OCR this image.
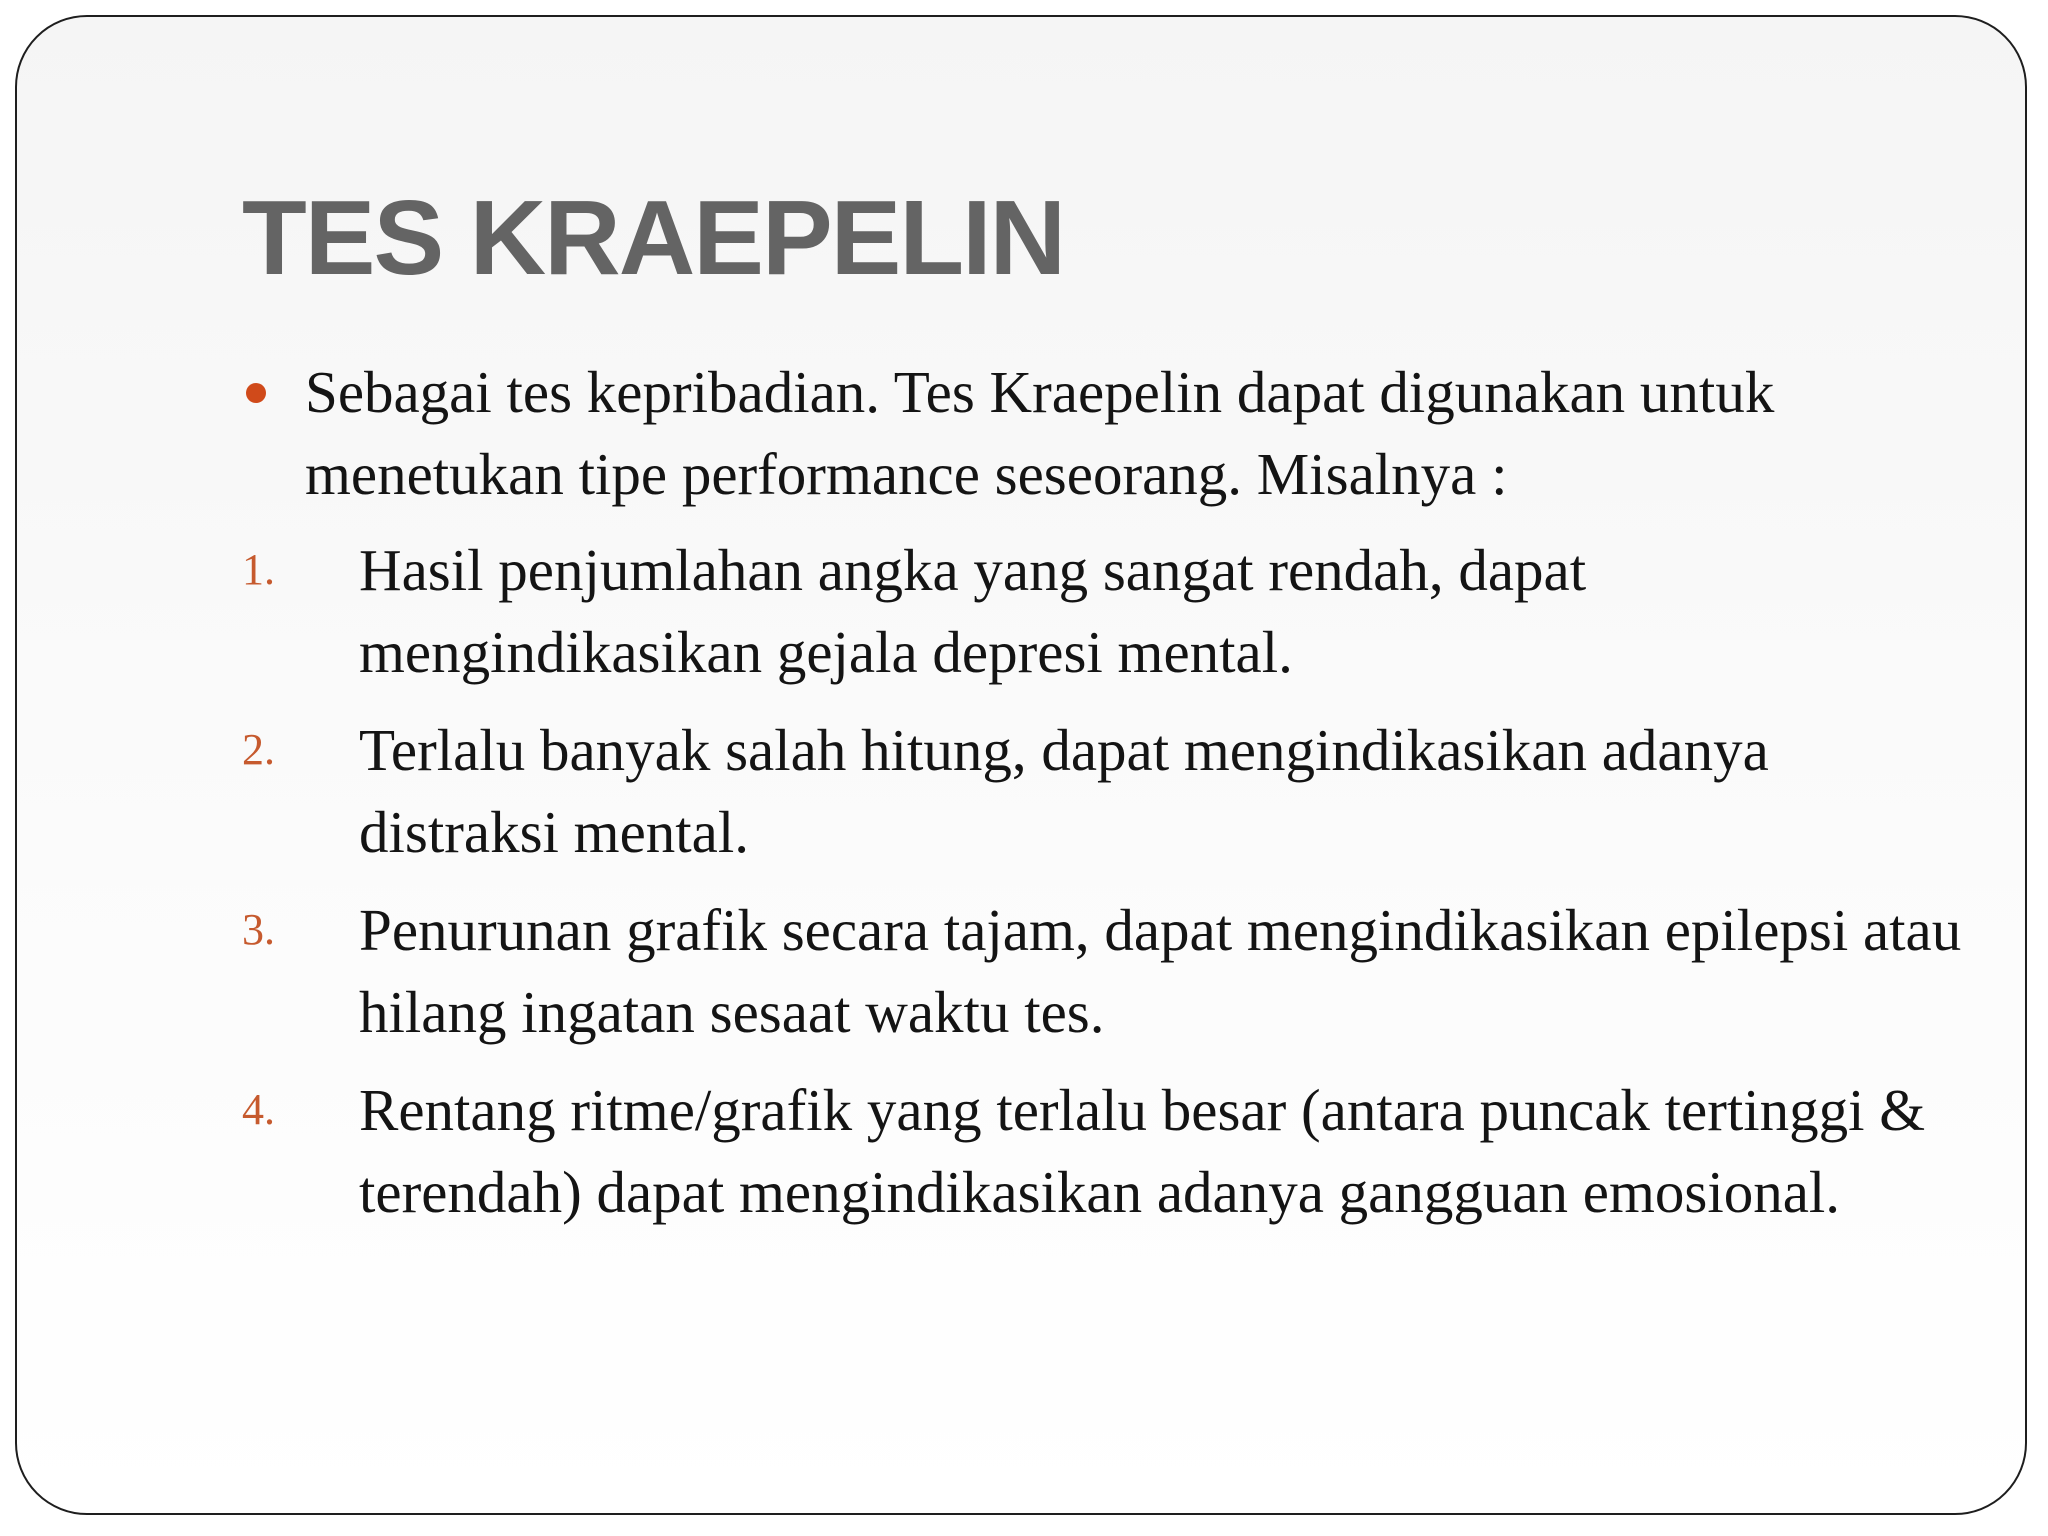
TES KRAEPELIN
Sebagai tes kepribadian. Tes Kraepelin dapat digunakan untuk menetukan tipe performance seseorang. Misalnya :
1. Hasil penjumlahan angka yang sangat rendah, dapat mengindikasikan gejala depresi mental.
2. Terlalu banyak salah hitung, dapat mengindikasikan adanya distraksi mental.
3. Penurunan grafik secara tajam, dapat mengindikasikan epilepsi atau hilang ingatan sesaat waktu tes.
4. Rentang ritme/grafik yang terlalu besar (antara puncak tertinggi & terendah) dapat mengindikasikan adanya gangguan emosional.
